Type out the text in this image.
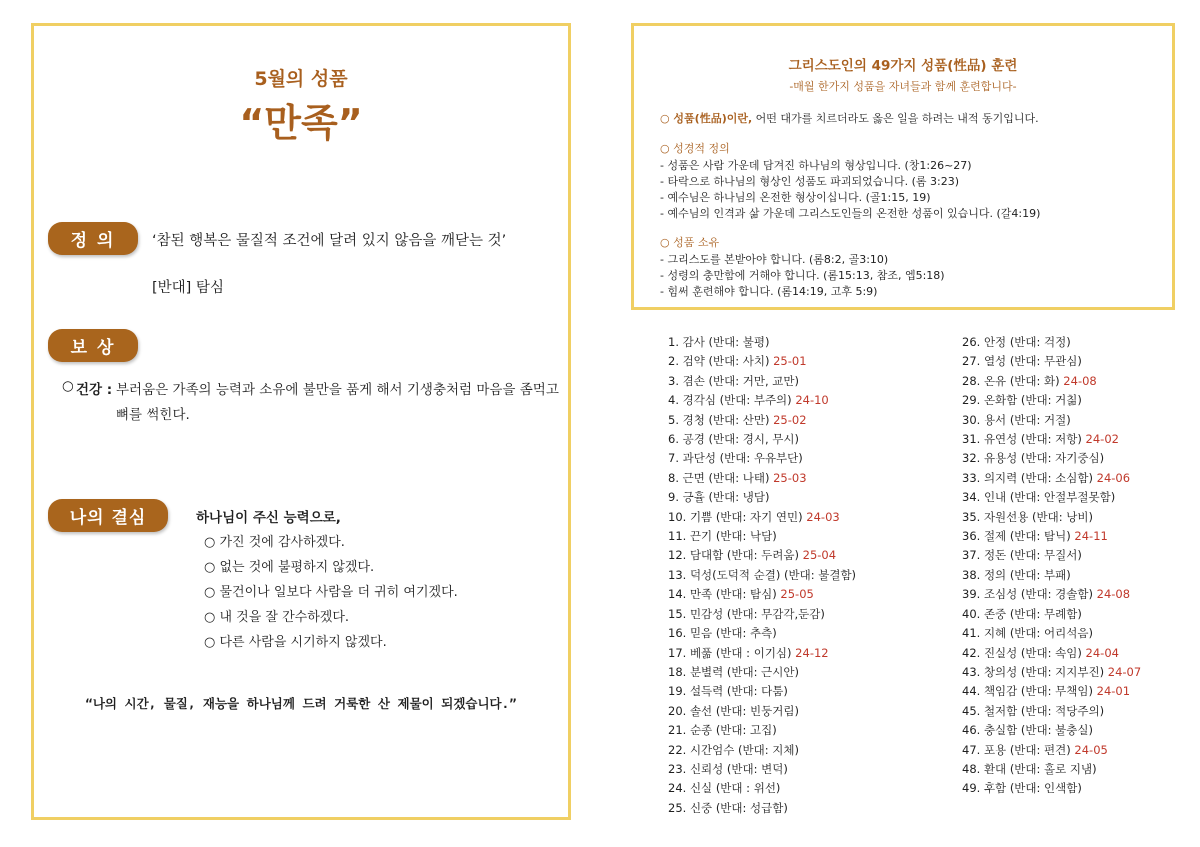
5월의 성품
“만족”
정 의	‘참된 행복은 물질적 조건에 달려 있지 않음을 깨닫는 것’
[반대] 탐심
보 상
○ 건강 : 부러움은 가족의 능력과 소유에 불만을 품게 해서 기생충처럼 마음을 좀먹고
뼈를 썩힌다.
나의 결심	하나님이 주신 능력으로,
○ 가진 것에 감사하겠다.
○ 없는 것에 불평하지 않겠다.
○ 물건이나 일보다 사람을 더 귀히 여기겠다.
○ 내 것을 잘 간수하겠다.
○ 다른 사람을 시기하지 않겠다.
“나의 시간, 물질, 재능을 하나님께 드려 거룩한 산 제물이 되겠습니다.”
그리스도인의 49가지 성품(性品) 훈련
-매월 한가지 성품을 자녀들과 함께 훈련합니다-
○ 성품(性品)이란, 어떤 대가를 치르더라도 옳은 일을 하려는 내적 동기입니다.
○ 성경적 정의
- 성품은 사람 가운데 담겨진 하나님의 형상입니다. (창1:26~27)
- 타락으로 하나님의 형상인 성품도 파괴되었습니다. (롬 3:23)
- 예수님은 하나님의 온전한 형상이십니다. (골1:15, 19)
- 예수님의 인격과 삶 가운데 그리스도인들의 온전한 성품이 있습니다. (갈4:19)
○ 성품 소유
- 그리스도를 본받아야 합니다. (롬8:2, 골3:10)
- 성령의 충만함에 거해야 합니다. (롬15:13, 참조, 엡5:18)
- 힘써 훈련해야 합니다. (롬14:19, 고후 5:9)
1. 감사 (반대: 불평)
2. 검약 (반대: 사치) 25-01
3. 겸손 (반대: 거만, 교만)
4. 경각심 (반대: 부주의) 24-10
5. 경청 (반대: 산만) 25-02
6. 공경 (반대: 경시, 무시)
7. 과단성 (반대: 우유부단)
8. 근면 (반대: 나태) 25-03
9. 긍휼 (반대: 냉담)
10. 기쁨 (반대: 자기 연민) 24-03
11. 끈기 (반대: 낙담)
12. 담대함 (반대: 두려움) 25-04
13. 덕성(도덕적 순결) (반대: 불결함)
14. 만족 (반대: 탐심) 25-05
15. 민감성 (반대: 무감각,둔감)
16. 믿음 (반대: 추측)
17. 베풂 (반대 : 이기심) 24-12
18. 분별력 (반대: 근시안)
19. 설득력 (반대: 다툼)
20. 솔선 (반대: 빈둥거림)
21. 순종 (반대: 고집)
22. 시간엄수 (반대: 지체)
23. 신뢰성 (반대: 변덕)
24. 신실 (반대 : 위선)
25. 신중 (반대: 성급함)
26. 안정 (반대: 걱정)
27. 열성 (반대: 무관심)
28. 온유 (반대: 화) 24-08
29. 온화함 (반대: 거칢)
30. 용서 (반대: 거절)
31. 유연성 (반대: 저항) 24-02
32. 유용성 (반대: 자기중심)
33. 의지력 (반대: 소심함) 24-06
34. 인내 (반대: 안절부절못함)
35. 자원선용 (반대: 낭비)
36. 절제 (반대: 탐닉) 24-11
37. 정돈 (반대: 무질서)
38. 정의 (반대: 부패)
39. 조심성 (반대: 경솔함) 24-08
40. 존중 (반대: 무례함)
41. 지혜 (반대: 어리석음)
42. 진실성 (반대: 속임) 24-04
43. 창의성 (반대: 지지부진) 24-07
44. 책임감 (반대: 무책임) 24-01
45. 철저함 (반대: 적당주의)
46. 충실함 (반대: 불충실)
47. 포용 (반대: 편견) 24-05
48. 환대 (반대: 홀로 지냄)
49. 후함 (반대: 인색함)
